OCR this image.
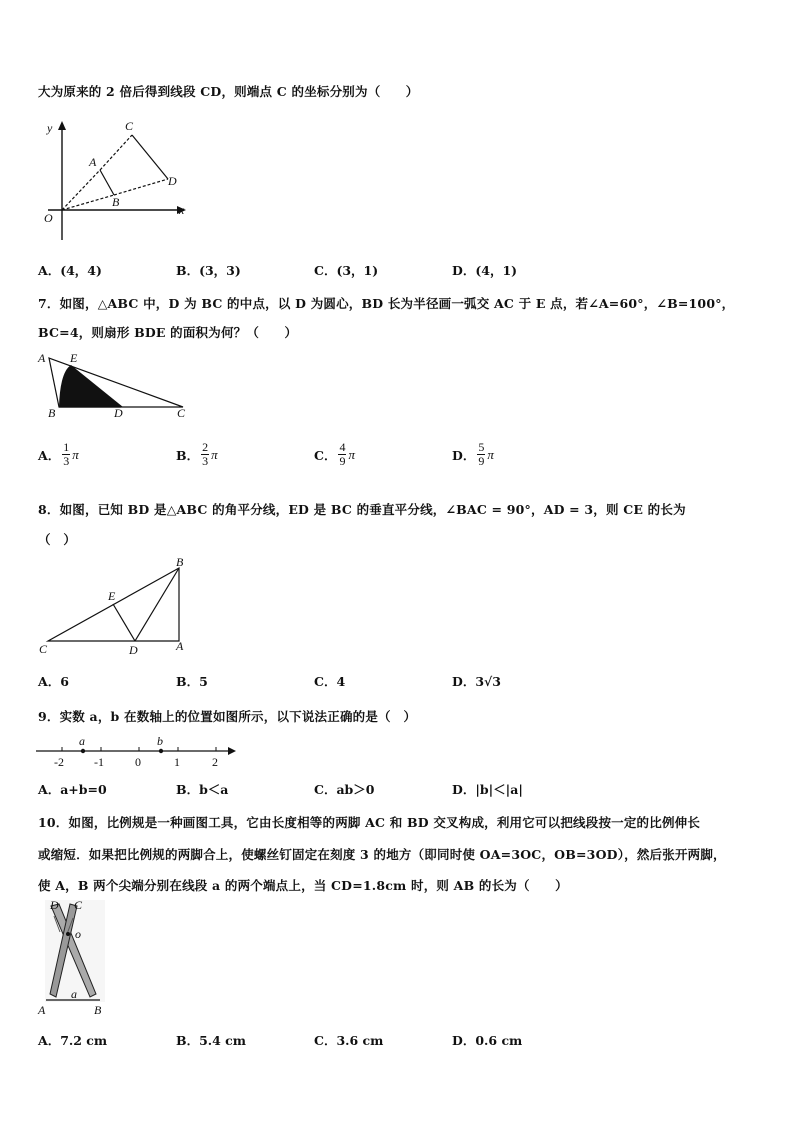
大为原来的 2 倍后得到线段 CD，则端点 C 的坐标分别为（　　）
y
x
O
A
B
C
D
A．(4，4)	B．(3，3)	C．(3，1)	D．(4，1)
7．如图，△ABC 中，D 为 BC 的中点，以 D 为圆心，BD 长为半径画一弧交 AC 于 E 点，若∠A=60°，∠B=100°，
BC=4，则扇形 BDE 的面积为何？（　　）
A E
B	D	C
A． $\frac{1}{3}$ π	B． $\frac{2}{3}$ π	C． $\frac{4}{9}$ π	D． $\frac{5}{9}$ π
8．如图，已知 BD 是△ABC 的角平分线，ED 是 BC 的垂直平分线，∠BAC = 90°，AD = 3，则 CE 的长为
（　）
B
E
C	D	A
A．6	B．5	C．4	D．3√3
9．实数 a，b 在数轴上的位置如图所示，以下说法正确的是（　）
a	b
-2	-1	0	1	2
A．a+b=0	B．b＜a	C．ab＞0	D．|b|＜|a|
10．如图，比例规是一种画图工具，它由长度相等的两脚 AC 和 BD 交叉构成，利用它可以把线段按一定的比例伸长
或缩短．如果把比例规的两脚合上，使螺丝钉固定在刻度 3 的地方（即同时使 OA=3OC，OB=3OD），然后张开两脚，
使 A，B 两个尖端分别在线段 a 的两个端点上，当 CD=1.8cm 时，则 AB 的长为（　　）
D C
o
a
A	B
A．7.2 cm	B．5.4 cm	C．3.6 cm	D．0.6 cm
